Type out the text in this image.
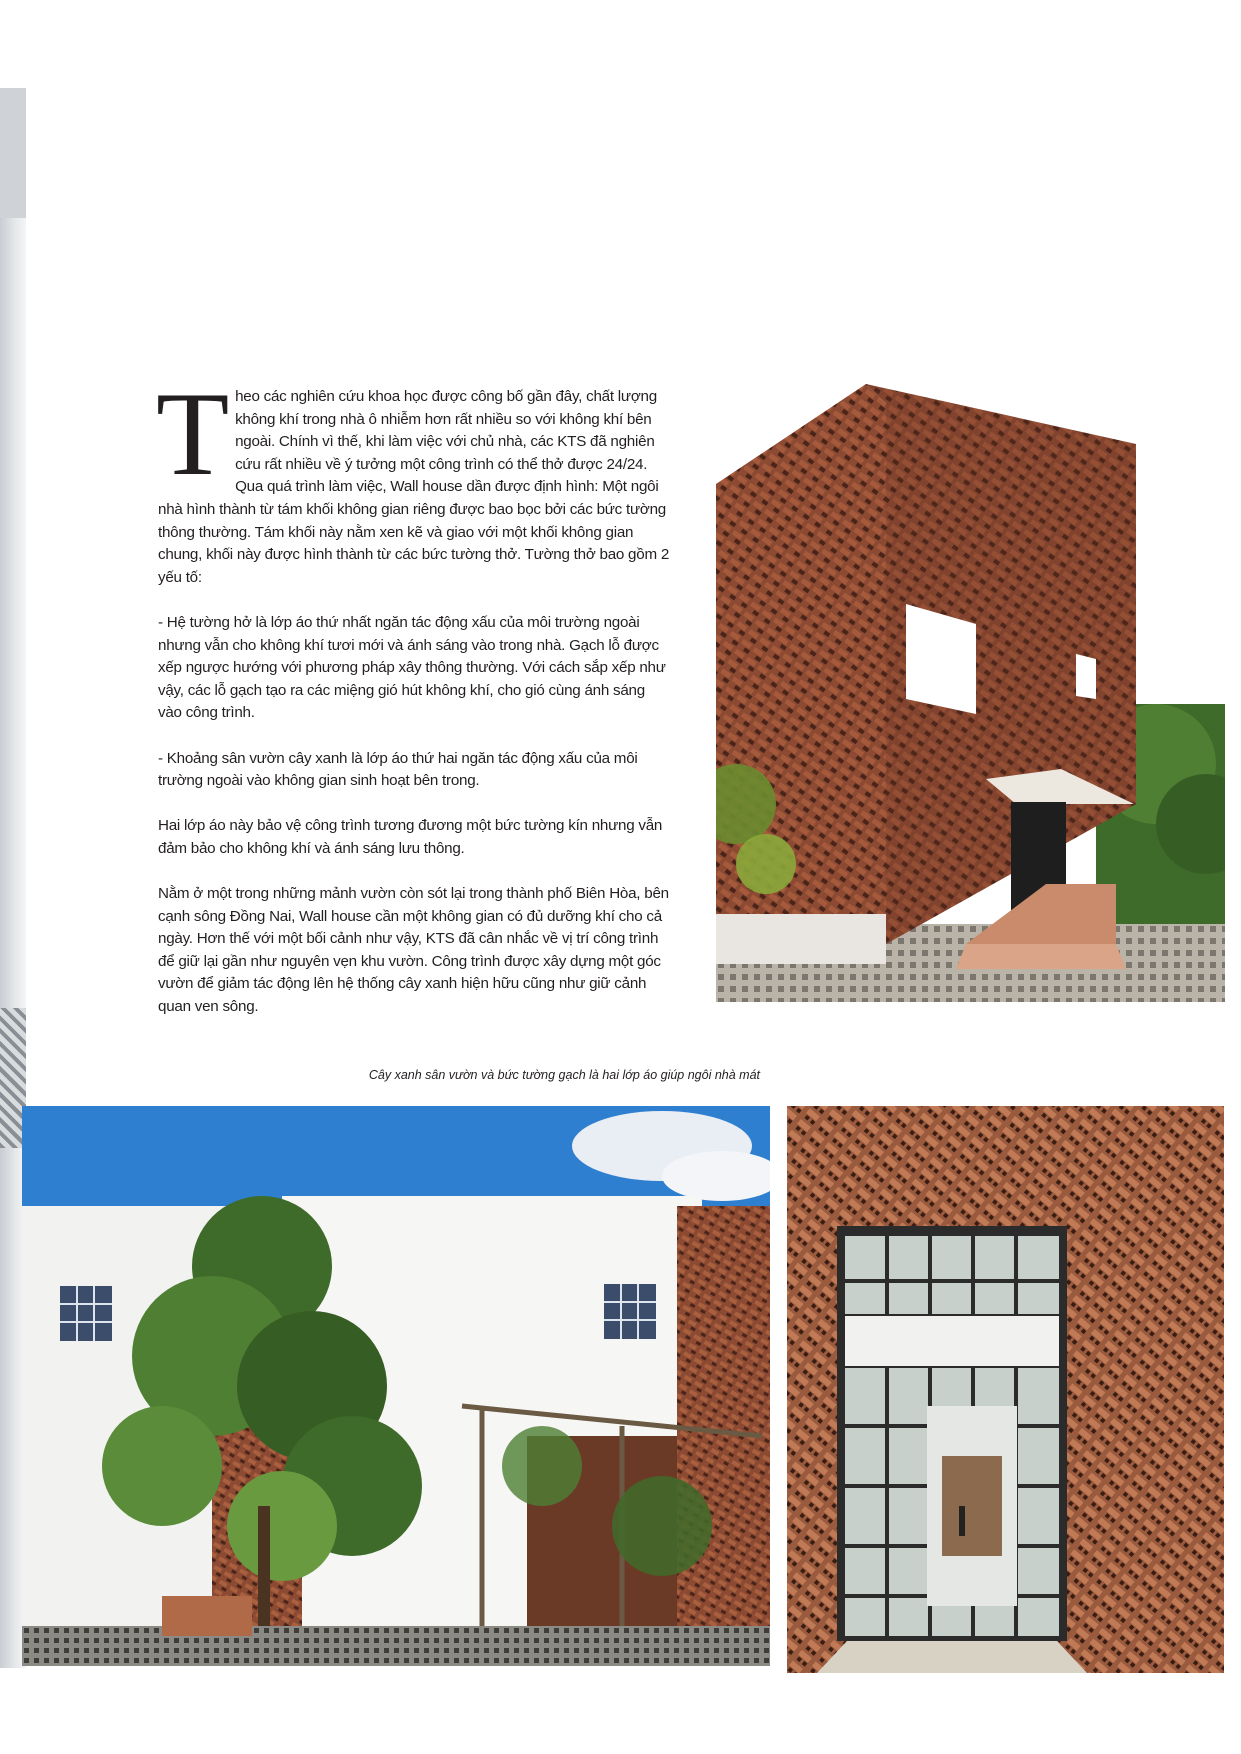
T heo các nghiên cứu khoa học được công bố gần đây, chất lượng không khí trong nhà ô nhiễm hơn rất nhiều so với không khí bên ngoài. Chính vì thế, khi làm việc với chủ nhà, các KTS đã nghiên cứu rất nhiều về ý tưởng một công trình có thể thở được 24/24. Qua quá trình làm việc, Wall house dần được định hình: Một ngôi nhà hình thành từ tám khối không gian riêng được bao bọc bởi các bức tường thông thường. Tám khối này nằm xen kẽ và giao với một khối không gian chung, khối này được hình thành từ các bức tường thở. Tường thở bao gồm 2 yếu tố:

- Hệ tường hở là lớp áo thứ nhất ngăn tác động xấu của môi trường ngoài nhưng vẫn cho không khí tươi mới và ánh sáng vào trong nhà. Gạch lỗ được xếp ngược hướng với phương pháp xây thông thường. Với cách sắp xếp như vậy, các lỗ gạch tạo ra các miệng gió hút không khí, cho gió cùng ánh sáng vào công trình.

- Khoảng sân vườn cây xanh là lớp áo thứ hai ngăn tác động xấu của môi trường ngoài vào không gian sinh hoạt bên trong.

Hai lớp áo này bảo vệ công trình tương đương một bức tường kín nhưng vẫn đảm bảo cho không khí và ánh sáng lưu thông.

Nằm ở một trong những mảnh vườn còn sót lại trong thành phố Biên Hòa, bên cạnh sông Đồng Nai, Wall house cần một không gian có đủ dưỡng khí cho cả ngày. Hơn thế với một bối cảnh như vậy, KTS đã cân nhắc về vị trí công trình để giữ lại gần như nguyên vẹn khu vườn. Công trình được xây dựng một góc vườn để giảm tác động lên hệ thống cây xanh hiện hữu cũng như giữ cảnh quan ven sông.

Cây xanh sân vườn và bức tường gạch là hai lớp áo giúp ngôi nhà mát
